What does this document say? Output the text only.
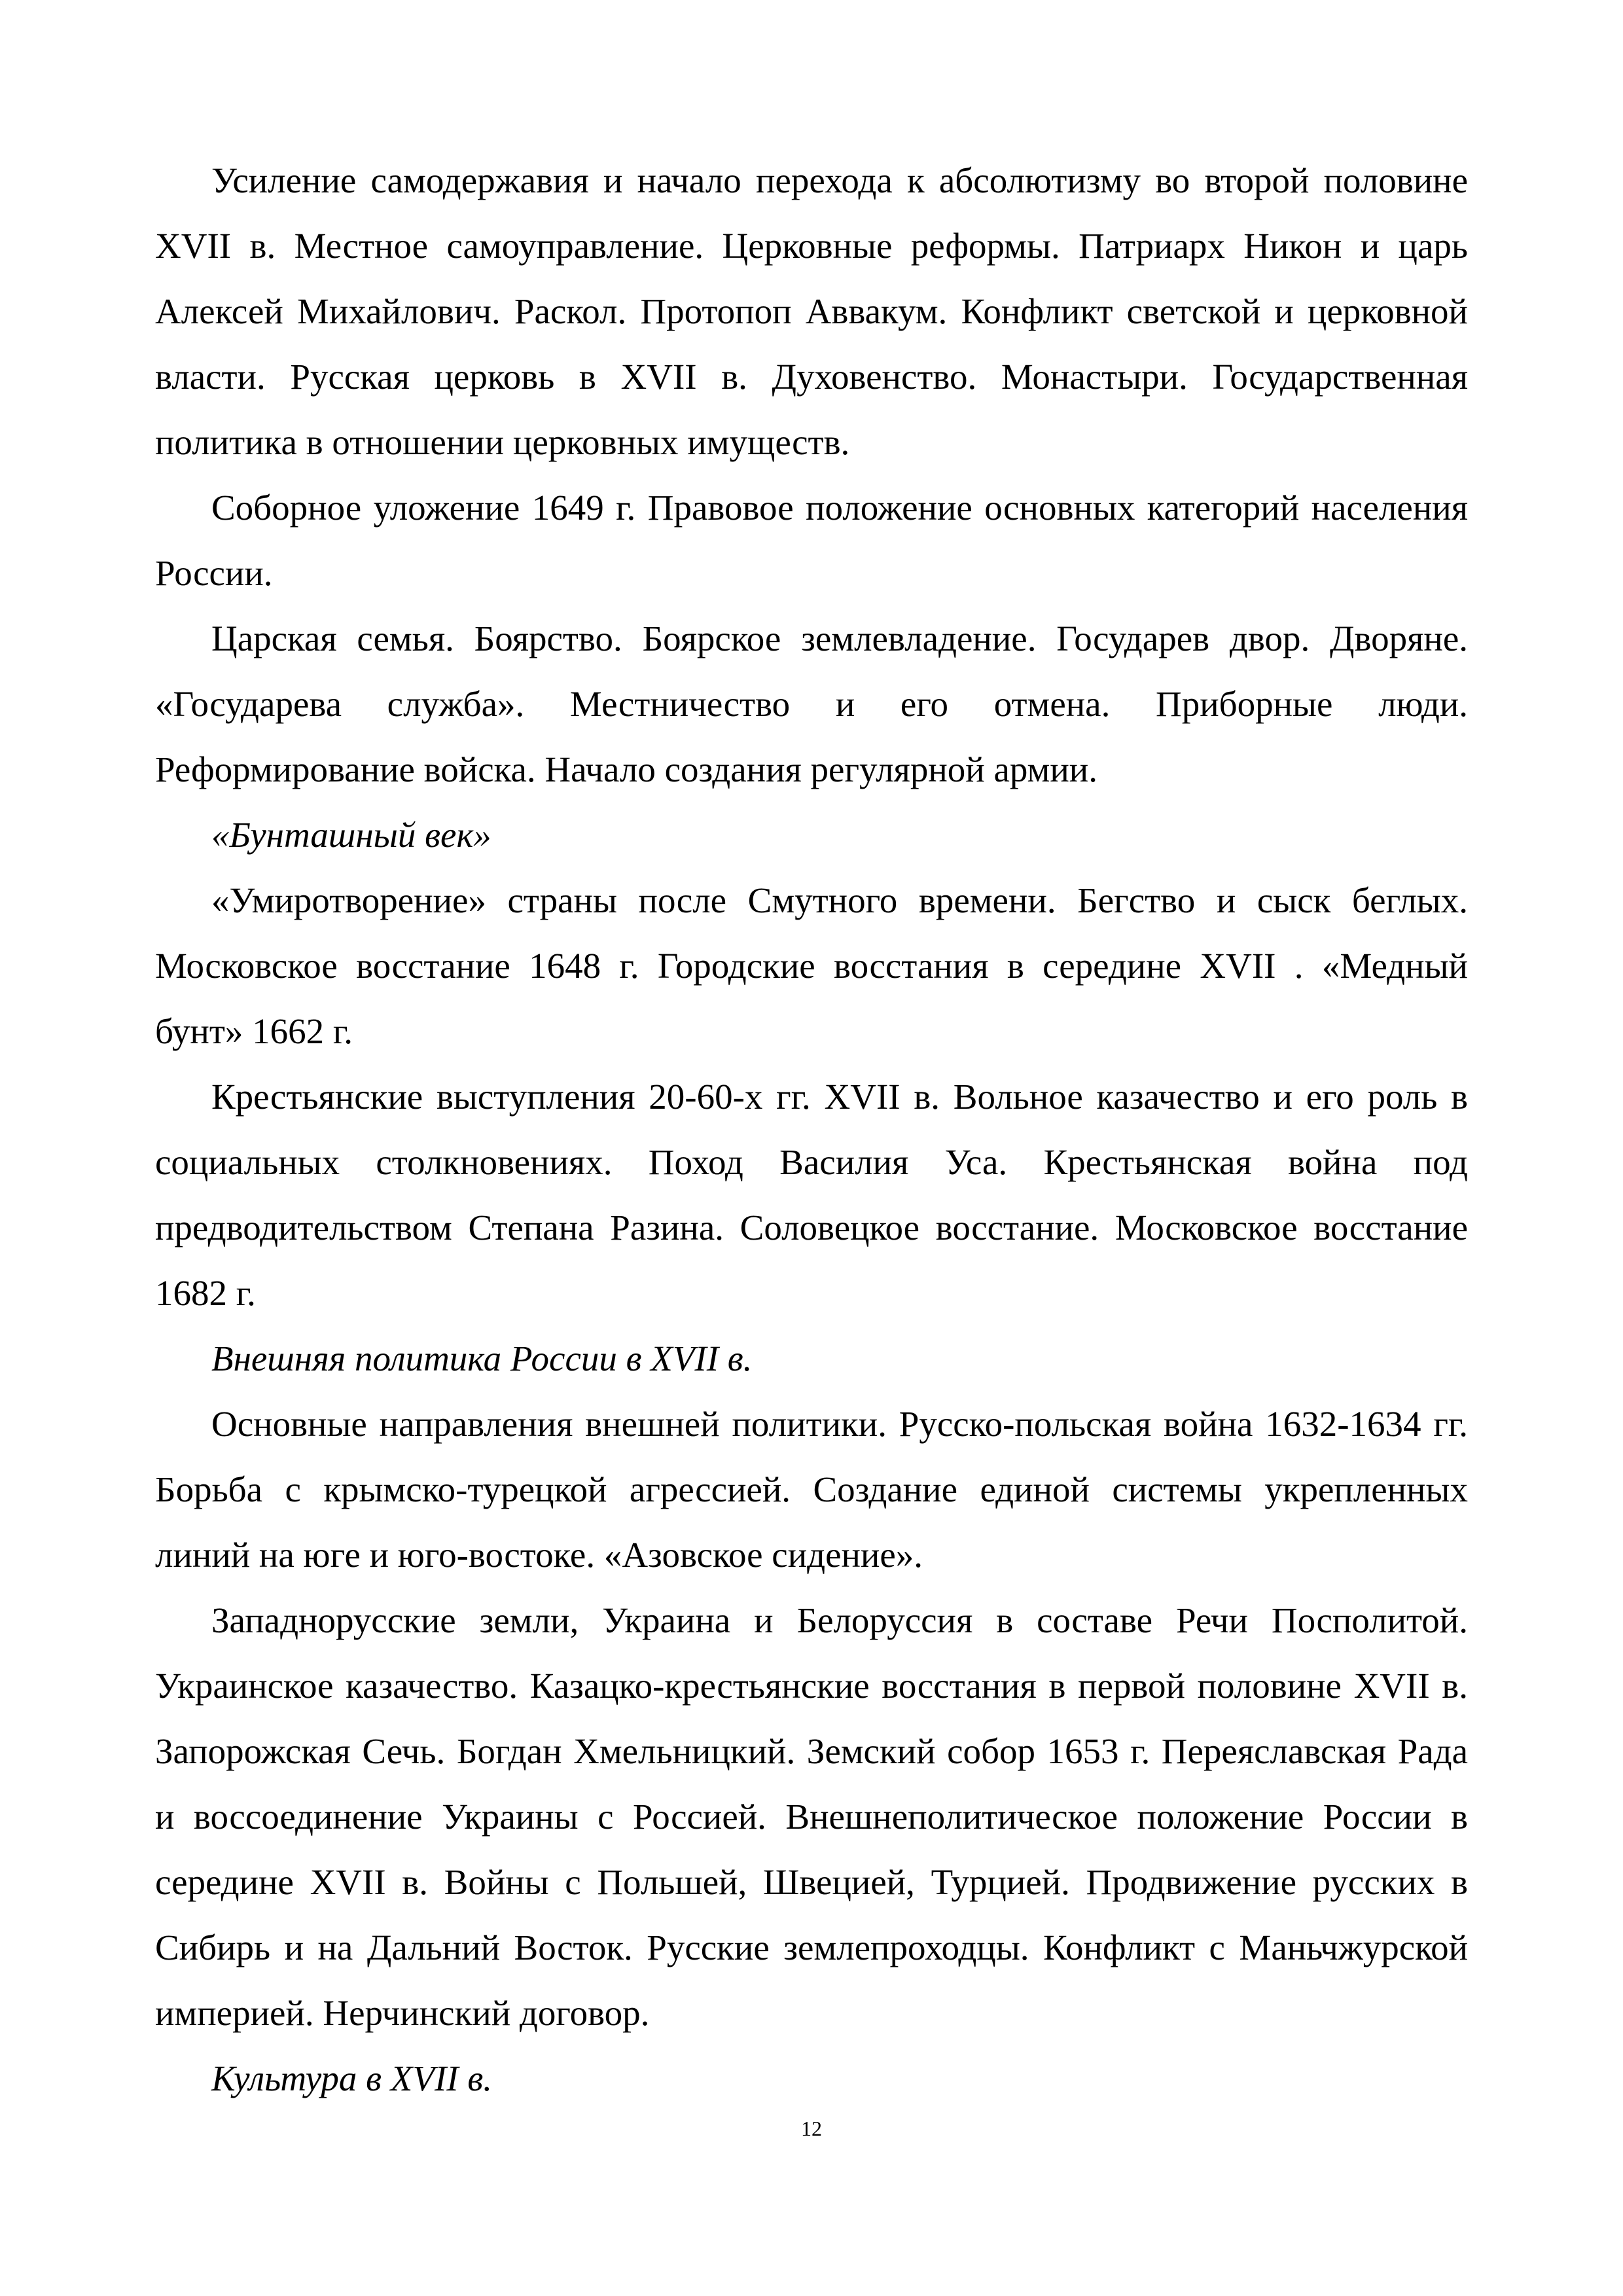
Усиление самодержавия и начало перехода к абсолютизму во второй половине XVII в. Местное самоуправление. Церковные реформы. Патриарх Никон и царь Алексей Михайлович. Раскол. Протопоп Аввакум. Конфликт светской и церковной власти. Русская церковь в XVII в. Духовенство. Монастыри. Государственная политика в отношении церковных имуществ.

Соборное уложение 1649 г. Правовое положение основных категорий населения России.

Царская семья. Боярство. Боярское землевладение. Государев двор. Дворяне. «Государева служба». Местничество и его отмена. Приборные люди. Реформирование войска. Начало создания регулярной армии.

«Бунташный век»

«Умиротворение» страны после Смутного времени. Бегство и сыск беглых. Московское восстание 1648 г. Городские восстания в середине XVII . «Медный бунт» 1662 г.

Крестьянские выступления 20-60-х гг. XVII в. Вольное казачество и его роль в социальных столкновениях. Поход Василия Уса. Крестьянская война под предводительством Степана Разина. Соловецкое восстание. Московское восстание 1682 г.

Внешняя политика России в XVII в.

Основные направления внешней политики. Русско-польская война 1632-1634 гг. Борьба с крымско-турецкой агрессией. Создание единой системы укрепленных линий на юге и юго-востоке. «Азовское сидение».

Западнорусские земли, Украина и Белоруссия в составе Речи Посполитой. Украинское казачество. Казацко-крестьянские восстания в первой половине XVII в. Запорожская Сечь. Богдан Хмельницкий. Земский собор 1653 г. Переяславская Рада и воссоединение Украины с Россией. Внешнеполитическое положение России в середине XVII в. Войны с Польшей, Швецией, Турцией. Продвижение русских в Сибирь и на Дальний Восток. Русские землепроходцы. Конфликт с Маньчжурской империей. Нерчинский договор.

Культура в XVII в.

12
